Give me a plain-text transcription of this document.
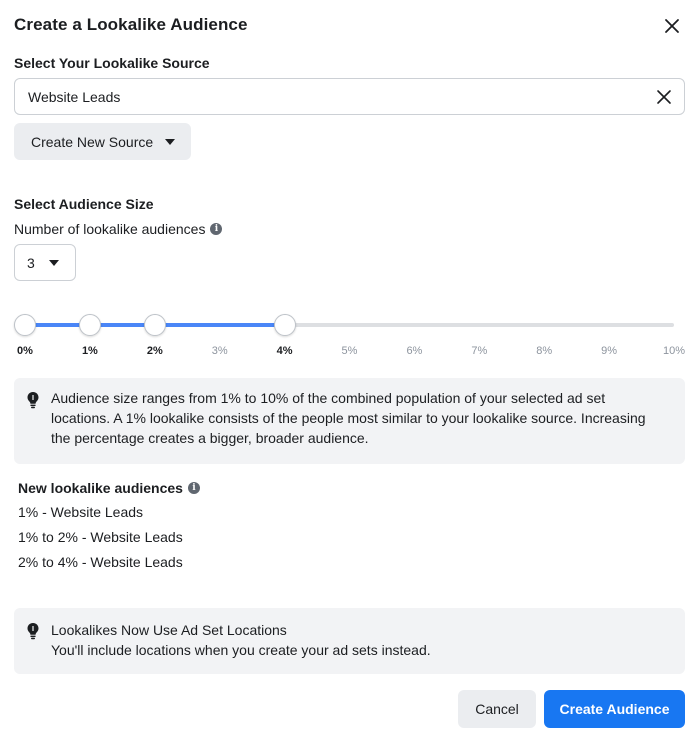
Create a Lookalike Audience
Select Your Lookalike Source
Website Leads
Create New Source
Select Audience Size
Number of lookalike audiences	i
3
0%	1%	2%	3%	4%	5%	6%	7%	8%	9%	10%
Audience size ranges from 1% to 10% of the combined population of your selected ad set
locations. A 1% lookalike consists of the people most similar to your lookalike source. Increasing
the percentage creates a bigger, broader audience.
New lookalike audiences	i
1% - Website Leads
1% to 2% - Website Leads
2% to 4% - Website Leads
Lookalikes Now Use Ad Set Locations
You'll include locations when you create your ad sets instead.
Cancel	Create Audience
